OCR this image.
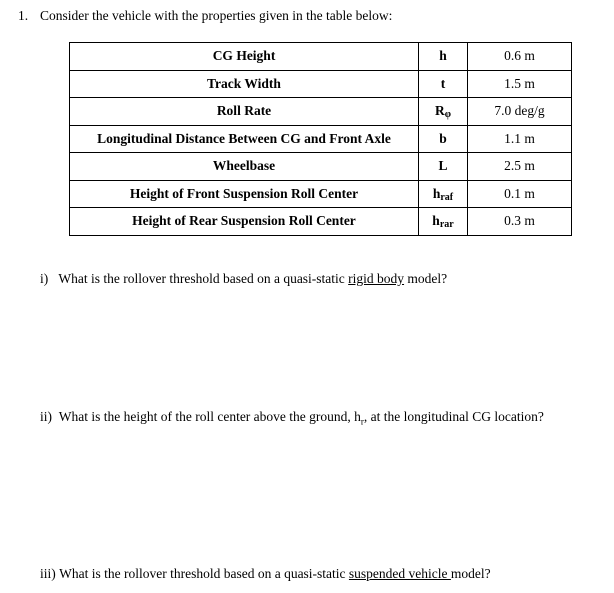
1. Consider the vehicle with the properties given in the table below:
CG Height	h	0.6 m
Track Width	t	1.5 m
Roll Rate	Rφ	7.0 deg/g
Longitudinal Distance Between CG and Front Axle	b	1.1 m
Wheelbase	L	2.5 m
Height of Front Suspension Roll Center	hraf	0.1 m
Height of Rear Suspension Roll Center	hrar	0.3 m
i) What is the rollover threshold based on a quasi-static rigid body model?
ii) What is the height of the roll center above the ground, $h_r$, at the longitudinal CG location?
iii) What is the rollover threshold based on a quasi-static suspended vehicle model?
